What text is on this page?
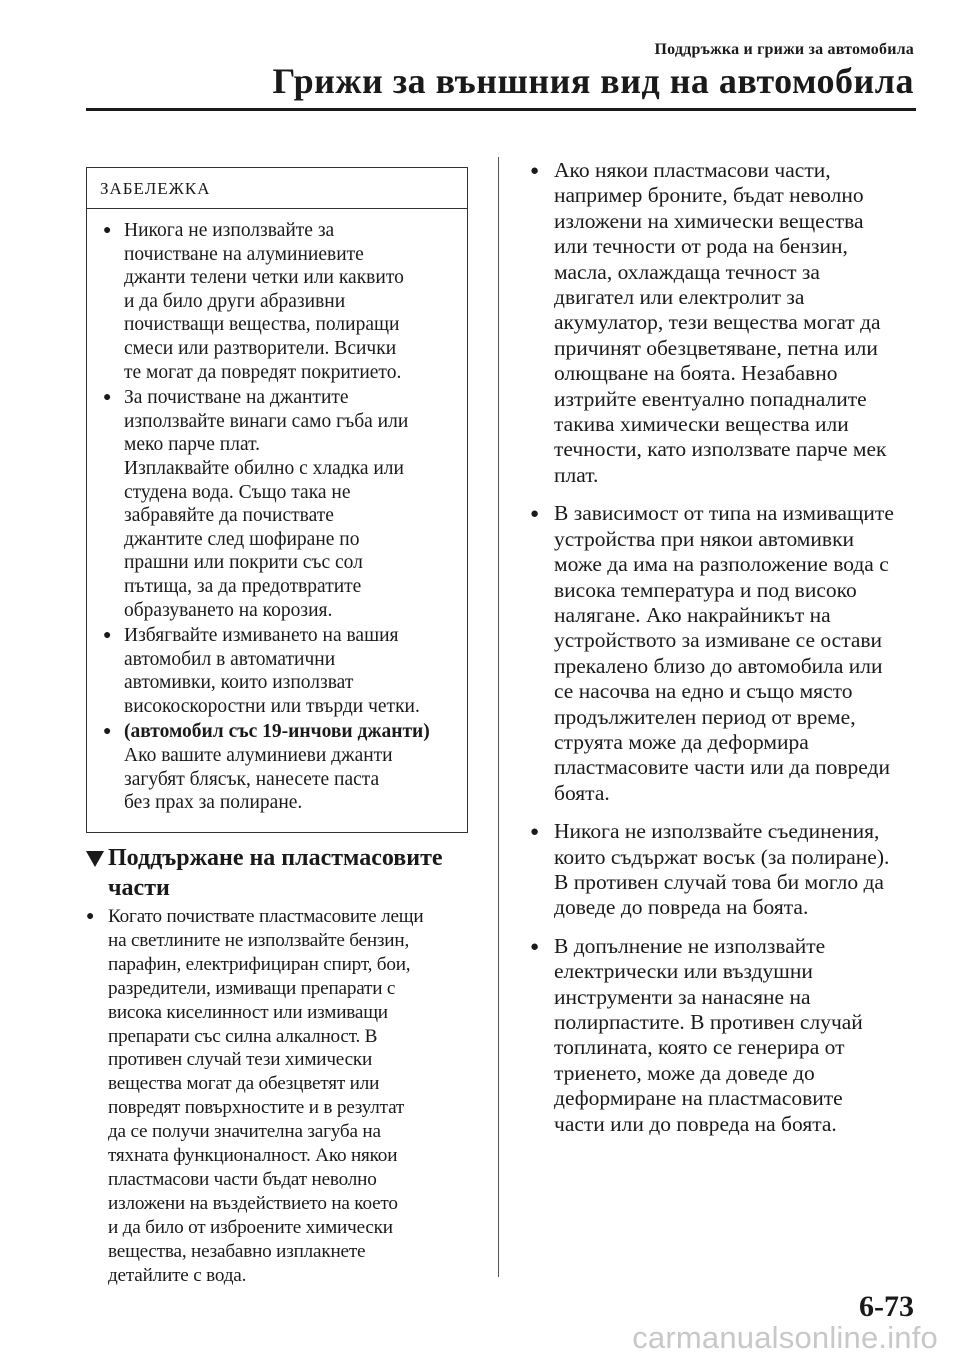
Поддръжка и грижи за автомобила
Грижи за външния вид на автомобила
ЗАБЕЛЕЖКА
● Никога не използвайте за
почистване на алуминиевите
джанти телени четки или каквито
и да било други абразивни
почистващи вещества, полиращи
смеси или разтворители. Всички
те могат да повредят покритието.
● За почистване на джантите
използвайте винаги само гъба или
меко парче плат.
Изплаквайте обилно с хладка или
студена вода. Също така не
забравяйте да почиствате
джантите след шофиране по
прашни или покрити със сол
пътища, за да предотвратите
образуването на корозия.
● Избягвайте измиването на вашия
автомобил в автоматични
автомивки, които използват
високоскоростни или твърди четки.
● (автомобил със 19-инчови джанти)
Ако вашите алуминиеви джанти
загубят блясък, нанесете паста
без прах за полиране.
Поддържане на пластмасовите
части
● Когато почиствате пластмасовите лещи
на светлините не използвайте бензин,
парафин, електрифициран спирт, бои,
разредители, измиващи препарати с
висока киселинност или измиващи
препарати със силна алкалност. В
противен случай тези химически
вещества могат да обезцветят или
повредят повърхностите и в резултат
да се получи значителна загуба на
тяхната функционалност. Ако някои
пластмасови части бъдат неволно
изложени на въздействието на което
и да било от изброените химически
вещества, незабавно изплакнете
детайлите с вода.
● Ако някои пластмасови части,
например броните, бъдат неволно
изложени на химически вещества
или течности от рода на бензин,
масла, охлаждаща течност за
двигател или електролит за
акумулатор, тези вещества могат да
причинят обезцветяване, петна или
олющване на боята. Незабавно
изтрийте евентуално попадналите
такива химически вещества или
течности, като използвате парче мек
плат.
● В зависимост от типа на измиващите
устройства при някои автомивки
може да има на разположение вода с
висока температура и под високо
налягане. Ако накрайникът на
устройството за измиване се остави
прекалено близо до автомобила или
се насочва на едно и също място
продължителен период от време,
струята може да деформира
пластмасовите части или да повреди
боята.
● Никога не използвайте съединения,
които съдържат восък (за полиране).
В противен случай това би могло да
доведе до повреда на боята.
● В допълнение не използвайте
електрически или въздушни
инструменти за нанасяне на
полирпастите. В противен случай
топлината, която се генерира от
триенето, може да доведе до
деформиране на пластмасовите
части или до повреда на боята.
6-73
carmanualsonline.info
